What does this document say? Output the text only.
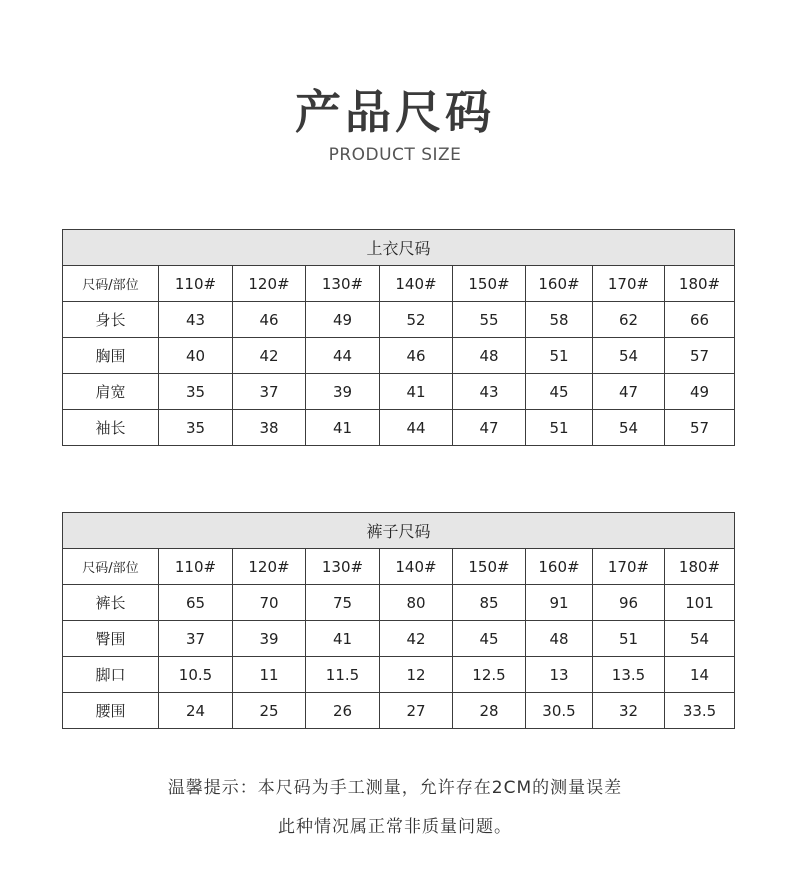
产品尺码
PRODUCT SIZE
上衣尺码								
尺码/部位	110#	120#	130#	140#	150#	160#	170#	180#
身长	43	46	49	52	55	58	62	66
胸围	40	42	44	46	48	51	54	57
肩宽	35	37	39	41	43	45	47	49
袖长	35	38	41	44	47	51	54	57
裤子尺码								
尺码/部位	110#	120#	130#	140#	150#	160#	170#	180#
裤长	65	70	75	80	85	91	96	101
臀围	37	39	41	42	45	48	51	54
脚口	10.5	11	11.5	12	12.5	13	13.5	14
腰围	24	25	26	27	28	30.5	32	33.5
温馨提示：本尺码为手工测量，允许存在2CM的测量误差
此种情况属正常非质量问题。
